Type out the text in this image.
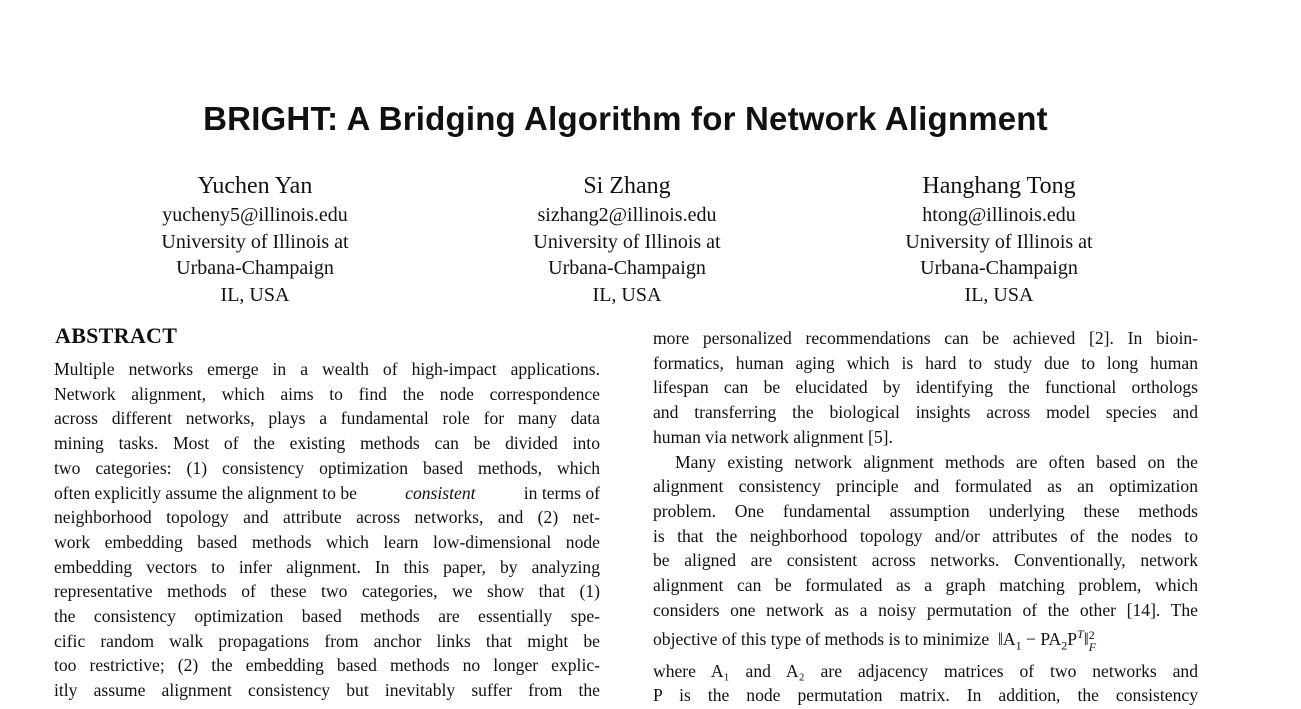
BRIGHT: A Bridging Algorithm for Network Alignment
Yuchen Yan
yucheny5@illinois.edu
University of Illinois at
Urbana-Champaign
IL, USA
Si Zhang
sizhang2@illinois.edu
University of Illinois at
Urbana-Champaign
IL, USA
Hanghang Tong
htong@illinois.edu
University of Illinois at
Urbana-Champaign
IL, USA
ABSTRACT
Multiple networks emerge in a wealth of high-impact applications.
Network alignment, which aims to find the node correspondence
across different networks, plays a fundamental role for many data
mining tasks. Most of the existing methods can be divided into
two categories: (1) consistency optimization based methods, which
often explicitly assume the alignment to be	consistent	in terms of
neighborhood topology and attribute across networks, and (2) net-
work embedding based methods which learn low-dimensional node
embedding vectors to infer alignment. In this paper, by analyzing
representative methods of these two categories, we show that (1)
the consistency optimization based methods are essentially spe-
cific random walk propagations from anchor links that might be
too restrictive; (2) the embedding based methods no longer explic-
itly assume alignment consistency but inevitably suffer from the
more personalized recommendations can be achieved [2]. In bioin-
formatics, human aging which is hard to study due to long human
lifespan can be elucidated by identifying the functional orthologs
and transferring the biological insights across model species and
human via network alignment [5].
Many existing network alignment methods are often based on the
alignment consistency principle and formulated as an optimization
problem. One fundamental assumption underlying these methods
is that the neighborhood topology and/or attributes of the nodes to
be aligned are consistent across networks. Conventionally, network
alignment can be formulated as a graph matching problem, which
considers one network as a noisy permutation of the other [14]. The
objective of this type of methods is to minimize  $‖A_1$ − $PA_2P^T‖$ 2
F
where A₁ and A₂ are adjacency matrices of two networks and
P is the node permutation matrix. In addition, the consistency
